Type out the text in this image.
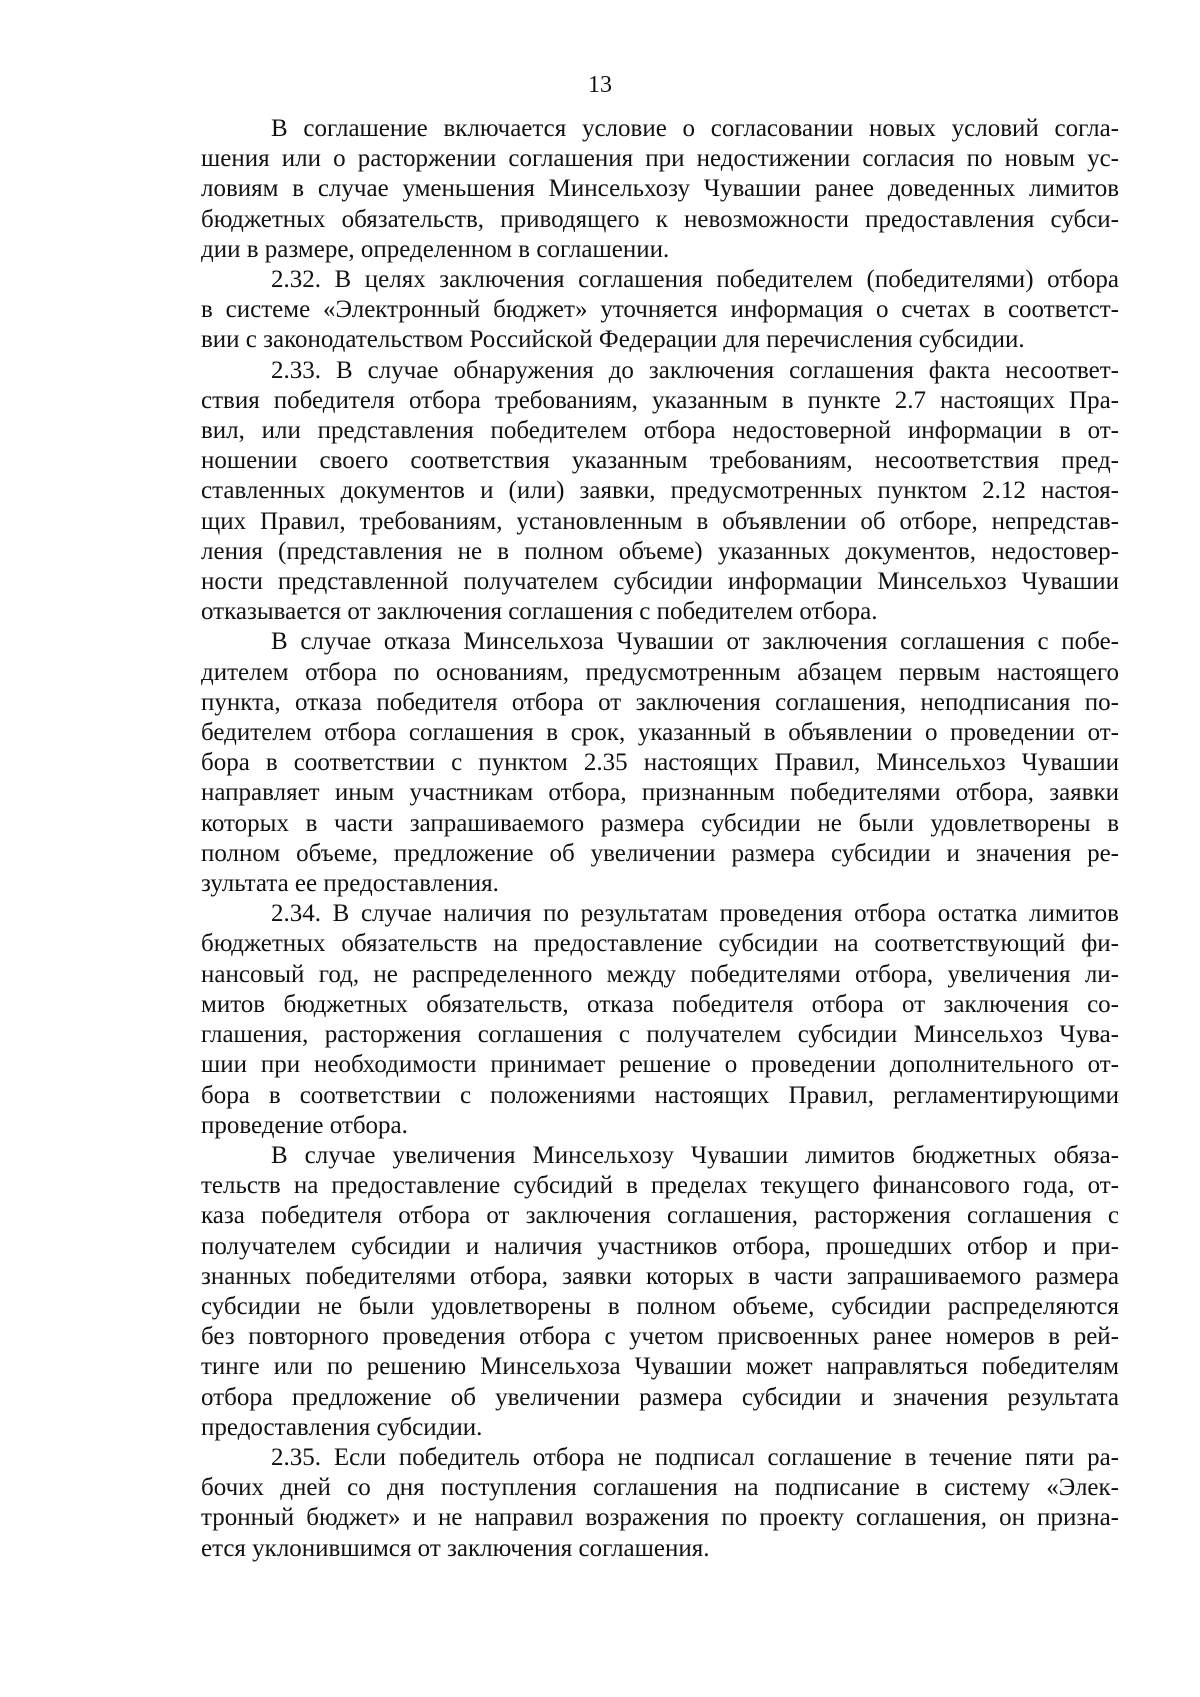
13

В соглашение включается условие о согласовании новых условий согла-
шения или о расторжении соглашения при недостижении согласия по новым ус-
ловиям в случае уменьшения Минсельхозу Чувашии ранее доведенных лимитов
бюджетных обязательств, приводящего к невозможности предоставления субси-
дии в размере, определенном в соглашении.

2.32. В целях заключения соглашения победителем (победителями) отбора
в системе «Электронный бюджет» уточняется информация о счетах в соответст-
вии с законодательством Российской Федерации для перечисления субсидии.

2.33. В случае обнаружения до заключения соглашения факта несоответ-
ствия победителя отбора требованиям, указанным в пункте 2.7 настоящих Пра-
вил, или представления победителем отбора недостоверной информации в от-
ношении своего соответствия указанным требованиям, несоответствия пред-
ставленных документов и (или) заявки, предусмотренных пунктом 2.12 настоя-
щих Правил, требованиям, установленным в объявлении об отборе, непредстав-
ления (представления не в полном объеме) указанных документов, недостовер-
ности представленной получателем субсидии информации Минсельхоз Чувашии
отказывается от заключения соглашения с победителем отбора.

В случае отказа Минсельхоза Чувашии от заключения соглашения с побе-
дителем отбора по основаниям, предусмотренным абзацем первым настоящего
пункта, отказа победителя отбора от заключения соглашения, неподписания по-
бедителем отбора соглашения в срок, указанный в объявлении о проведении от-
бора в соответствии с пунктом 2.35 настоящих Правил, Минсельхоз Чувашии
направляет иным участникам отбора, признанным победителями отбора, заявки
которых в части запрашиваемого размера субсидии не были удовлетворены в
полном объеме, предложение об увеличении размера субсидии и значения ре-
зультата ее предоставления.

2.34. В случае наличия по результатам проведения отбора остатка лимитов
бюджетных обязательств на предоставление субсидии на соответствующий фи-
нансовый год, не распределенного между победителями отбора, увеличения ли-
митов бюджетных обязательств, отказа победителя отбора от заключения со-
глашения, расторжения соглашения с получателем субсидии Минсельхоз Чува-
шии при необходимости принимает решение о проведении дополнительного от-
бора в соответствии с положениями настоящих Правил, регламентирующими
проведение отбора.

В случае увеличения Минсельхозу Чувашии лимитов бюджетных обяза-
тельств на предоставление субсидий в пределах текущего финансового года, от-
каза победителя отбора от заключения соглашения, расторжения соглашения с
получателем субсидии и наличия участников отбора, прошедших отбор и при-
знанных победителями отбора, заявки которых в части запрашиваемого размера
субсидии не были удовлетворены в полном объеме, субсидии распределяются
без повторного проведения отбора с учетом присвоенных ранее номеров в рей-
тинге или по решению Минсельхоза Чувашии может направляться победителям
отбора предложение об увеличении размера субсидии и значения результата
предоставления субсидии.

2.35. Если победитель отбора не подписал соглашение в течение пяти ра-
бочих дней со дня поступления соглашения на подписание в систему «Элек-
тронный бюджет» и не направил возражения по проекту соглашения, он призна-
ется уклонившимся от заключения соглашения.
